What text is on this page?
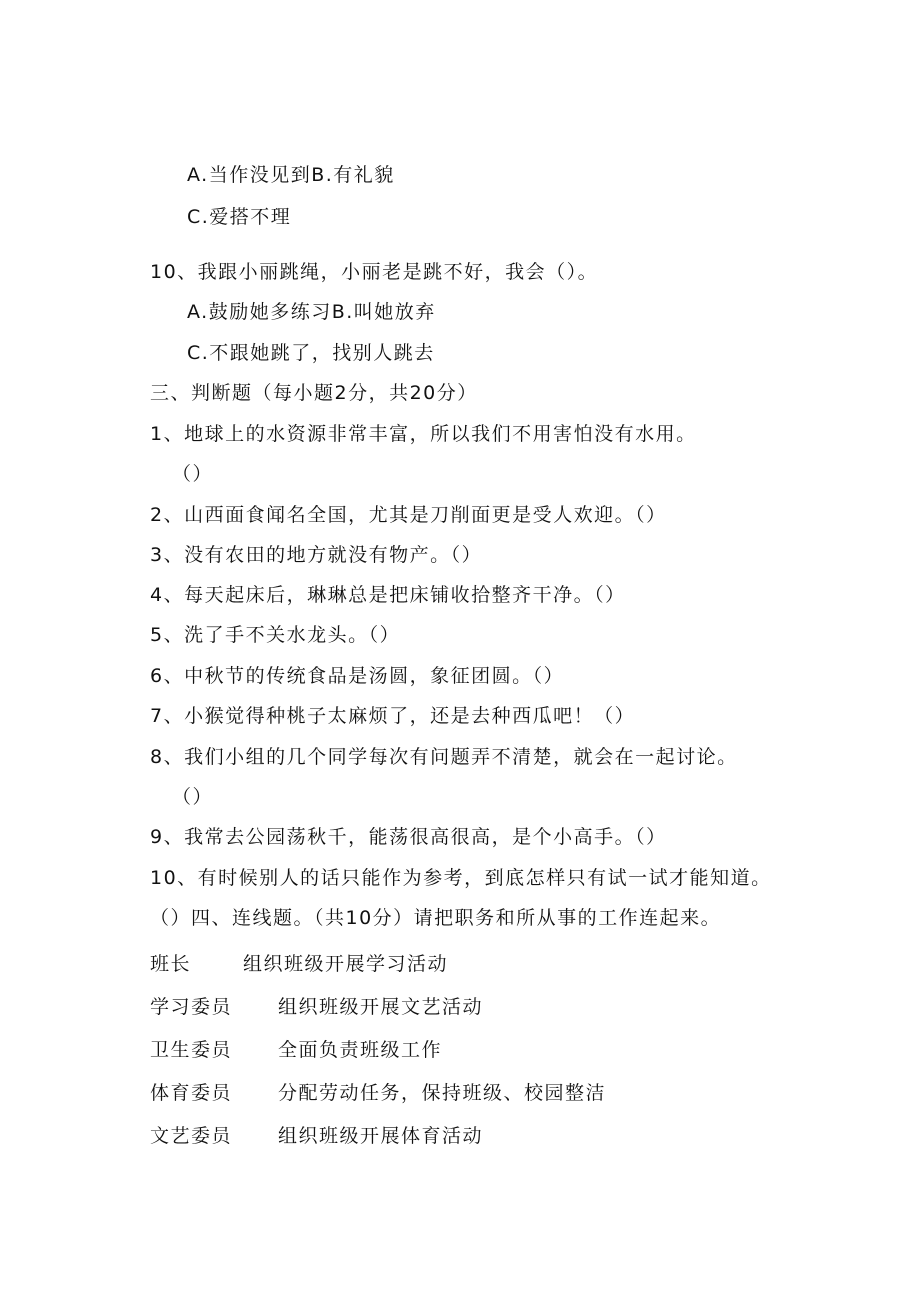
A.当作没见到B.有礼貌
C.爱搭不理
10、我跟小丽跳绳，小丽老是跳不好，我会（）。
A.鼓励她多练习B.叫她放弃
C.不跟她跳了，找别人跳去
三、判断题（每小题2分，共20分）
1、地球上的水资源非常丰富，所以我们不用害怕没有水用。
（）
2、山西面食闻名全国，尤其是刀削面更是受人欢迎。（）
3、没有农田的地方就没有物产。（）
4、每天起床后，琳琳总是把床铺收拾整齐干净。（）
5、洗了手不关水龙头。（）
6、中秋节的传统食品是汤圆，象征团圆。（）
7、小猴觉得种桃子太麻烦了，还是去种西瓜吧！（）
8、我们小组的几个同学每次有问题弄不清楚，就会在一起讨论。
（）
9、我常去公园荡秋千，能荡很高很高，是个小高手。（）
10、有时候别人的话只能作为参考，到底怎样只有试一试才能知道。
（）四、连线题。（共10分）请把职务和所从事的工作连起来。
班长	组织班级开展学习活动
学习委员 组织班级开展文艺活动
卫生委员 全面负责班级工作
体育委员 分配劳动任务，保持班级、校园整洁
文艺委员 组织班级开展体育活动
